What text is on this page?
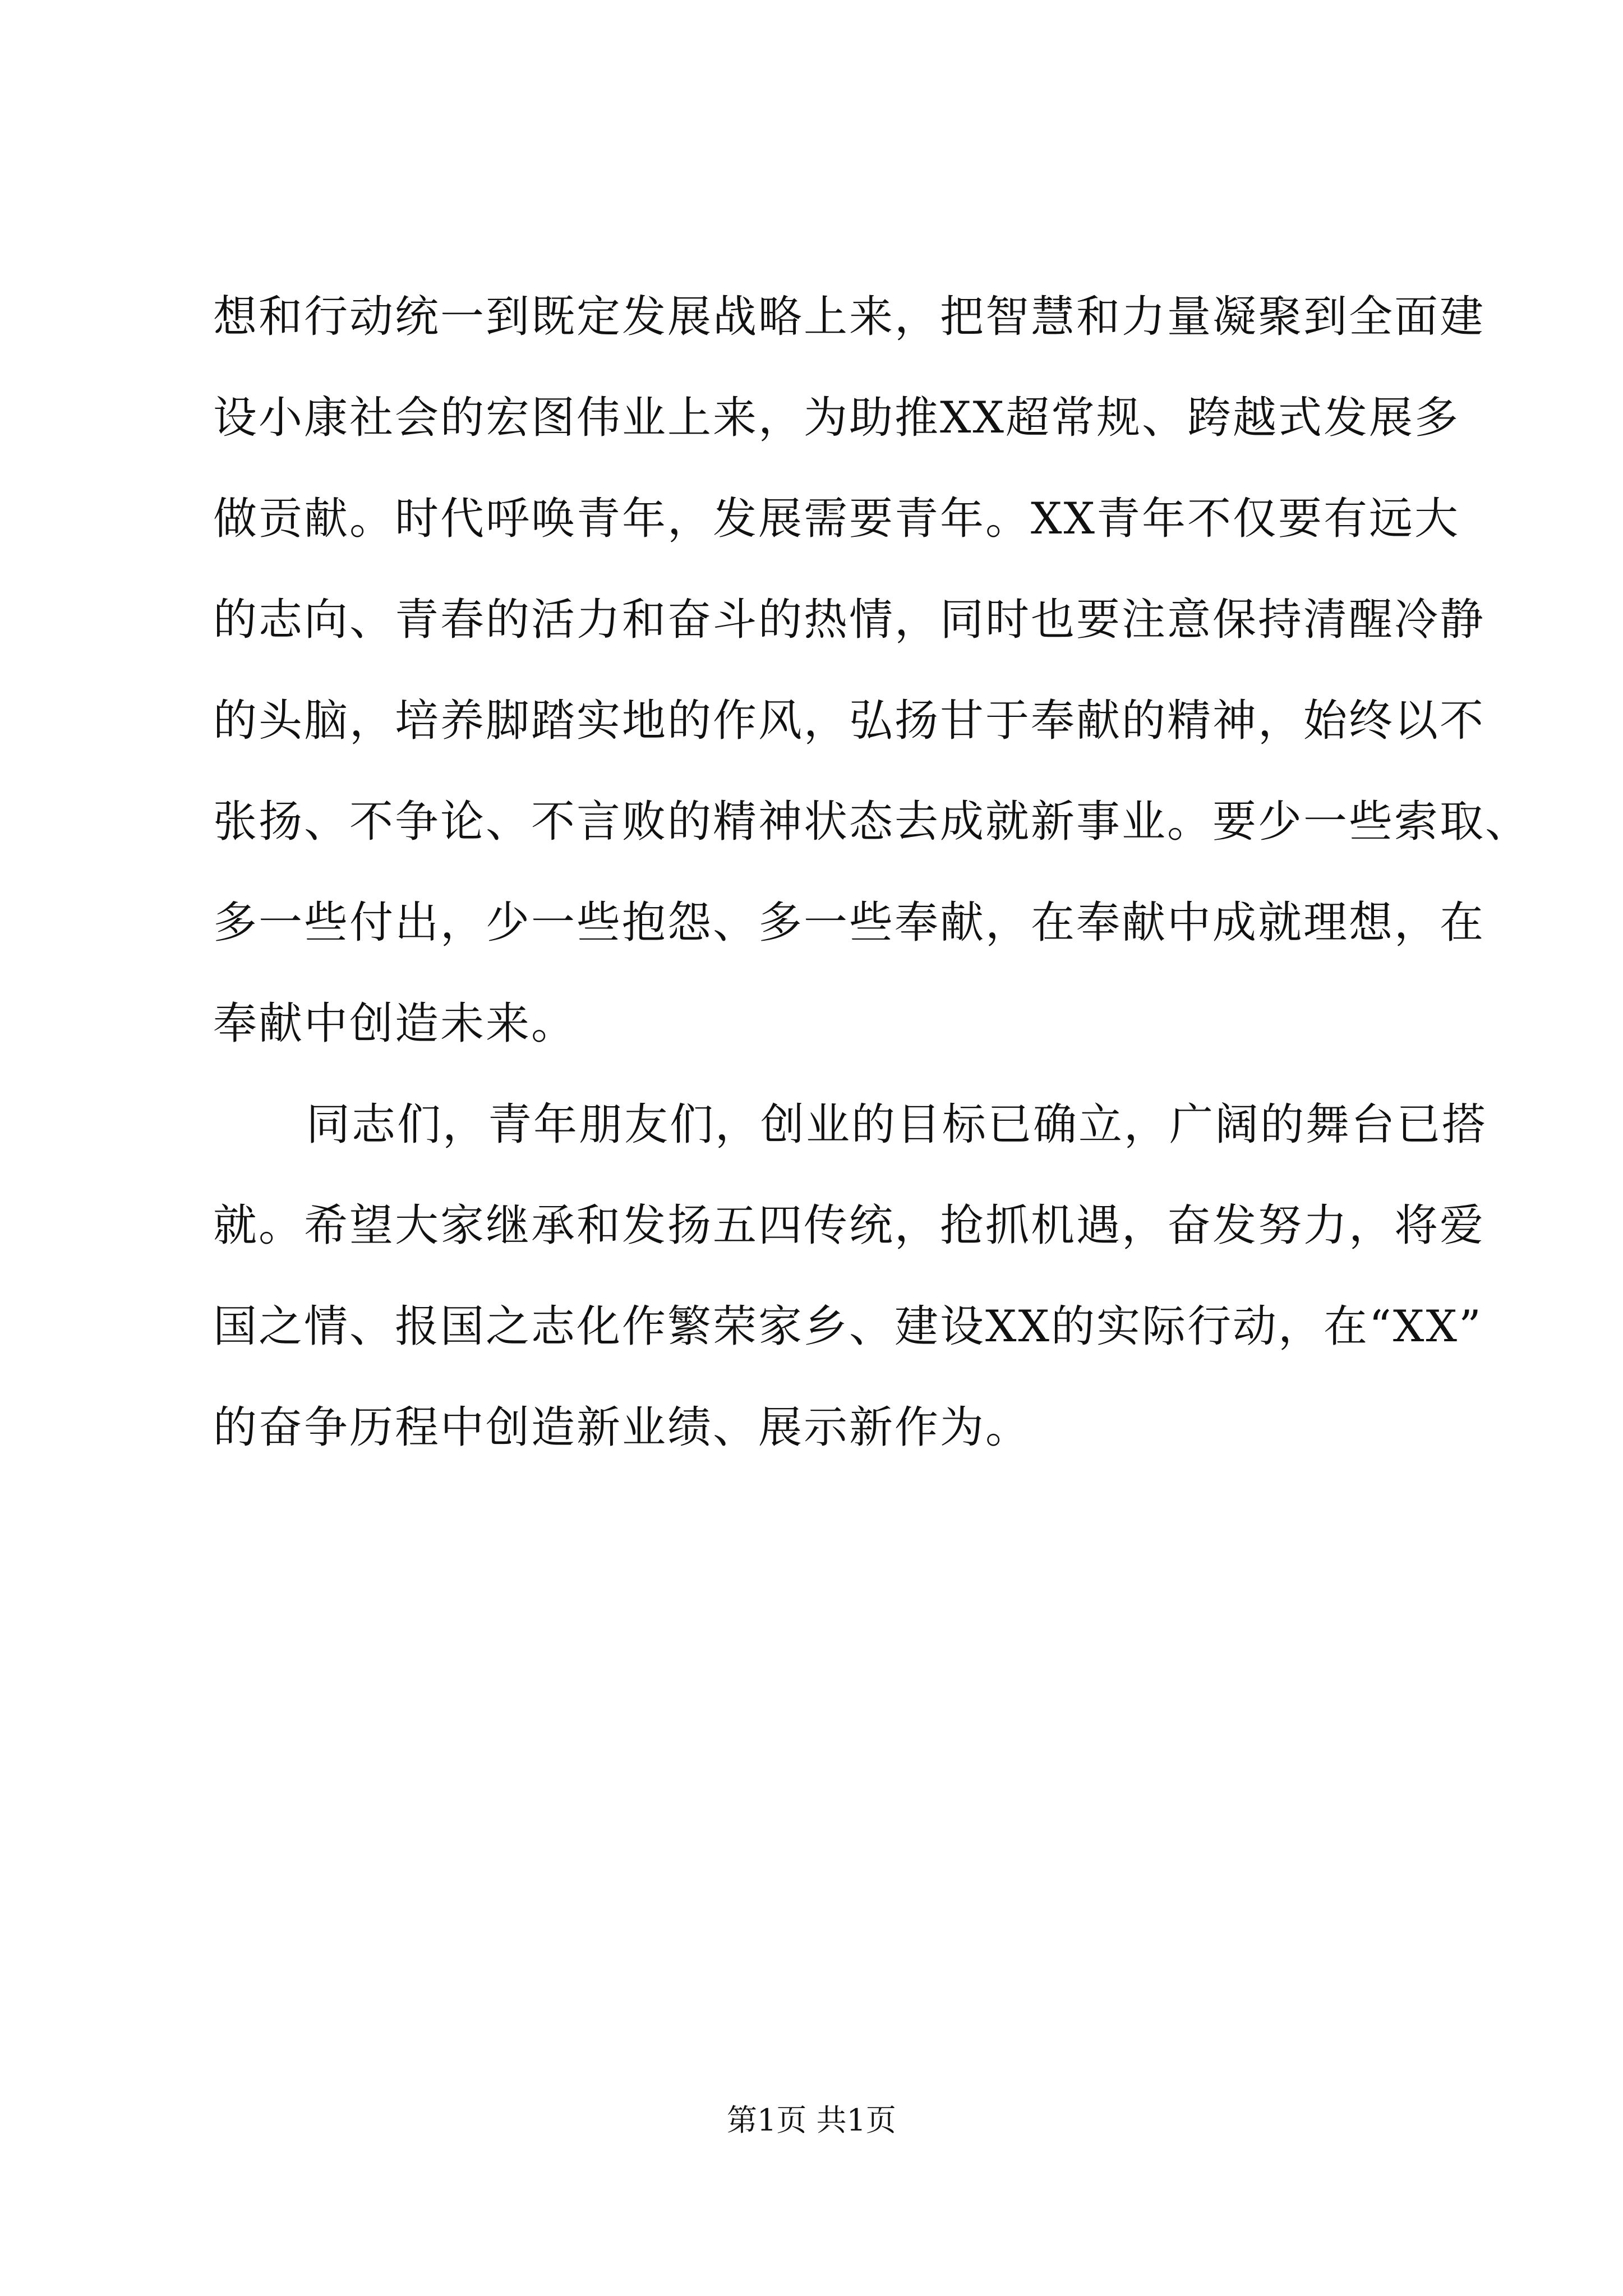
想和行动统一到既定发展战略上来，把智慧和力量凝聚到全面建
设小康社会的宏图伟业上来，为助推XX超常规、跨越式发展多
做贡献。时代呼唤青年，发展需要青年。XX青年不仅要有远大
的志向、青春的活力和奋斗的热情，同时也要注意保持清醒冷静
的头脑，培养脚踏实地的作风，弘扬甘于奉献的精神，始终以不
张扬、不争论、不言败的精神状态去成就新事业。要少一些索取、
多一些付出，少一些抱怨、多一些奉献，在奉献中成就理想，在
奉献中创造未来。
同志们，青年朋友们，创业的目标已确立，广阔的舞台已搭
就。希望大家继承和发扬五四传统，抢抓机遇，奋发努力，将爱
国之情、报国之志化作繁荣家乡、建设XX的实际行动，在“XX”
的奋争历程中创造新业绩、展示新作为。
第1页 共1页
